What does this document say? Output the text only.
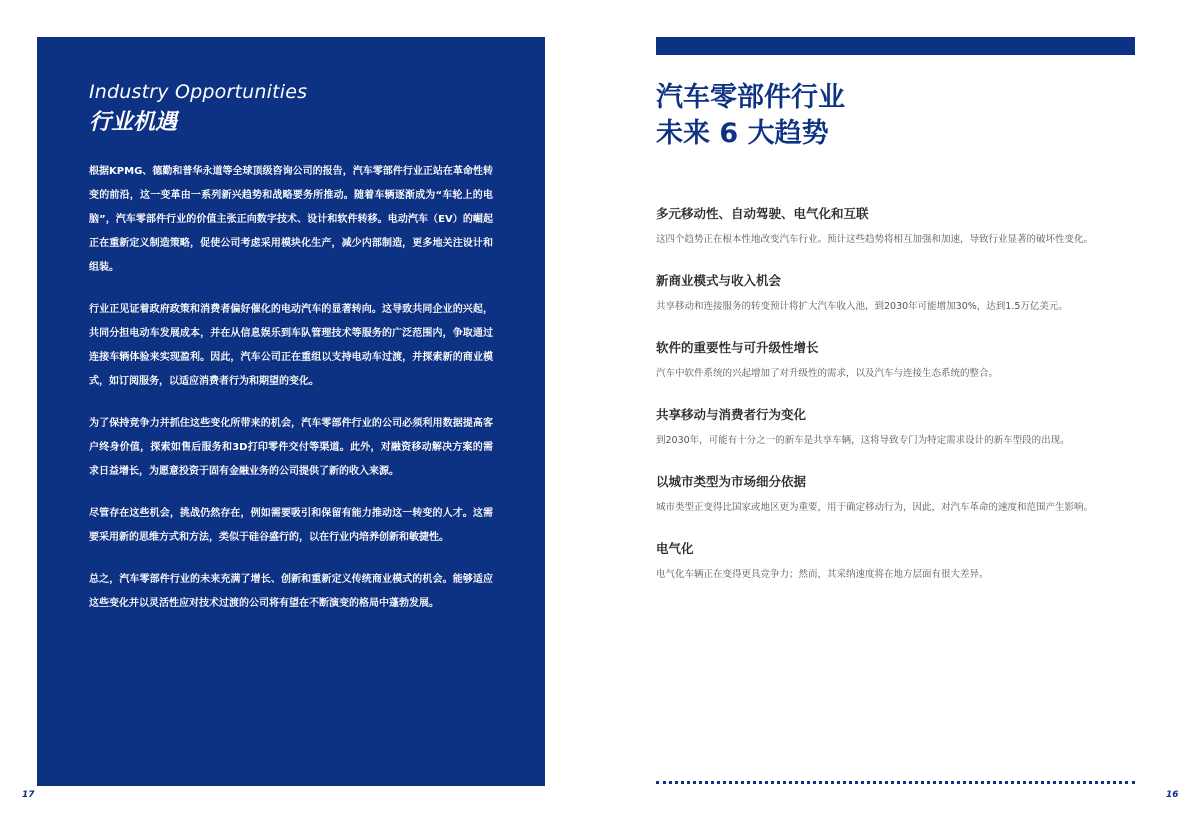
Industry Opportunities
行业机遇

根据KPMG、德勤和普华永道等全球顶级咨询公司的报告，汽车零部件行业正站在革命性转变的前沿，这一变革由一系列新兴趋势和战略要务所推动。随着车辆逐渐成为“车轮上的电脑”，汽车零部件行业的价值主张正向数字技术、设计和软件转移。电动汽车（EV）的崛起正在重新定义制造策略，促使公司考虑采用模块化生产，减少内部制造，更多地关注设计和组装。

行业正见证着政府政策和消费者偏好催化的电动汽车的显著转向。这导致共同企业的兴起，共同分担电动车发展成本，并在从信息娱乐到车队管理技术等服务的广泛范围内，争取通过连接车辆体验来实现盈利。因此，汽车公司正在重组以支持电动车过渡，并探索新的商业模式，如订阅服务，以适应消费者行为和期望的变化。

为了保持竞争力并抓住这些变化所带来的机会，汽车零部件行业的公司必须利用数据提高客户终身价值，探索如售后服务和3D打印零件交付等渠道。此外，对融资移动解决方案的需求日益增长，为愿意投资于固有金融业务的公司提供了新的收入来源。

尽管存在这些机会，挑战仍然存在，例如需要吸引和保留有能力推动这一转变的人才。这需要采用新的思维方式和方法，类似于硅谷盛行的，以在行业内培养创新和敏捷性。

总之，汽车零部件行业的未来充满了增长、创新和重新定义传统商业模式的机会。能够适应这些变化并以灵活性应对技术过渡的公司将有望在不断演变的格局中蓬勃发展。

汽车零部件行业
未来 6 大趋势
多元移动性、自动驾驶、电气化和互联

这四个趋势正在根本性地改变汽车行业。预计这些趋势将相互加强和加速，导致行业显著的破坏性变化。

新商业模式与收入机会

共享移动和连接服务的转变预计将扩大汽车收入池，到2030年可能增加30%，达到1.5万亿美元。

软件的重要性与可升级性增长

汽车中软件系统的兴起增加了对升级性的需求，以及汽车与连接生态系统的整合。

共享移动与消费者行为变化

到2030年，可能有十分之一的新车是共享车辆，这将导致专门为特定需求设计的新车型段的出现。

以城市类型为市场细分依据

城市类型正变得比国家或地区更为重要，用于确定移动行为，因此，对汽车革命的速度和范围产生影响。

电气化

电气化车辆正在变得更具竞争力；然而，其采纳速度将在地方层面有很大差异。

17	16
